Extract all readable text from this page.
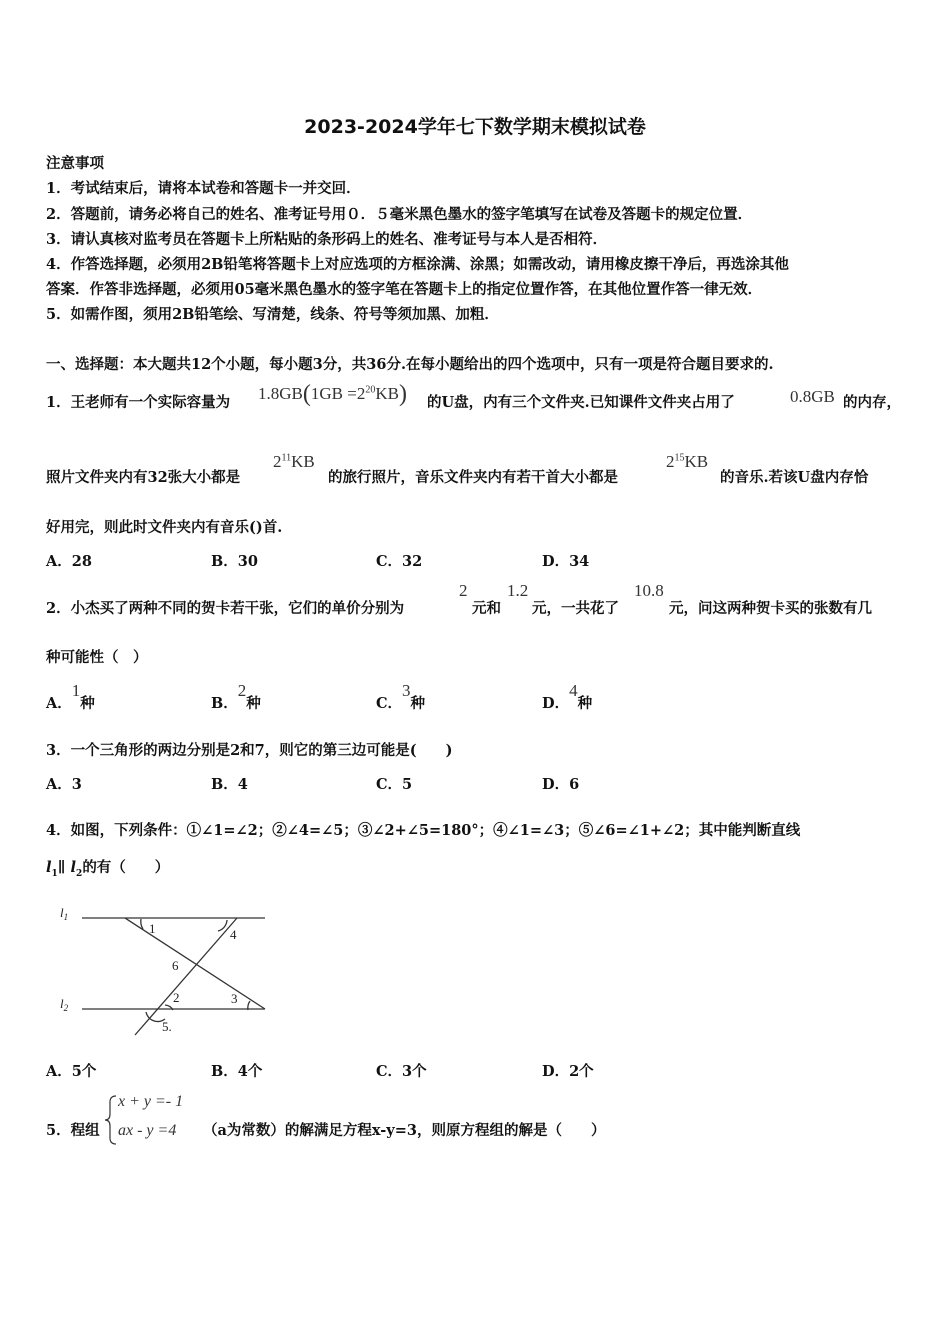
2023-2024学年七下数学期末模拟试卷
注意事项
1．考试结束后，请将本试卷和答题卡一并交回．
2．答题前，请务必将自己的姓名、准考证号用０．５毫米黑色墨水的签字笔填写在试卷及答题卡的规定位置．
3．请认真核对监考员在答题卡上所粘贴的条形码上的姓名、准考证号与本人是否相符．
4．作答选择题，必须用2B铅笔将答题卡上对应选项的方框涂满、涂黑；如需改动，请用橡皮擦干净后，再选涂其他
答案．作答非选择题，必须用05毫米黑色墨水的签字笔在答题卡上的指定位置作答，在其他位置作答一律无效．
5．如需作图，须用2B铅笔绘、写清楚，线条、符号等须加黑、加粗．
一、选择题：本大题共12个小题，每小题3分，共36分.在每小题给出的四个选项中，只有一项是符合题目要求的.
1．王老师有一个实际容量为 $1.8GB(1GB =2^{20}KB)$ 的U盘，内有三个文件夹.已知课件文件夹占用了	0.8GB 的内存，
照片文件夹内有32张大小都是
$2^{11}KB$
的旅行照片，音乐文件夹内有若干首大小都是
$2^{15}KB$
的音乐.若该U盘内存恰
好用完，则此时文件夹内有音乐()首.
A．28	B．30	C．32	D．34
2．小杰买了两种不同的贺卡若干张，它们的单价分别为
2
元和
1.2
元，一共花了
10.8
元，问这两种贺卡买的张数有几
种可能性（　）
A．1种	B．2种	C．3种	D．4种
3．一个三角形的两边分别是2和7，则它的第三边可能是(　　)
A．3	B．4	C．5	D．6
4．如图，下列条件：①∠1=∠2；②∠4=∠5；③∠2+∠5=180°；④∠1=∠3；⑤∠6=∠1+∠2；其中能判断直线
$l_1\parallel$ $l_2$的有（　　）
$l_1$
$l_2$
1	4
6
2	3
5.
A．5个	B．4个	C．3个	D．2个
5．程组
x + y =- 1
ax - y =4 （a为常数）的解满足方程x-y=3，则原方程组的解是（　　）
